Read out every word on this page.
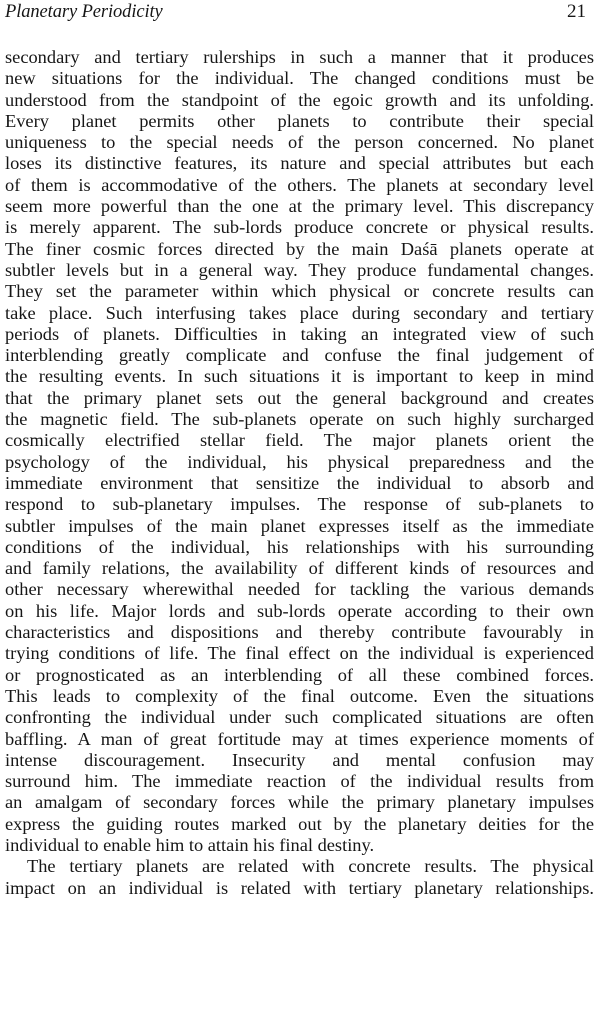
Planetary Periodicity	21
secondary and tertiary rulerships in such a manner that it produces
new situations for the individual. The changed conditions must be
understood from the standpoint of the egoic growth and its unfolding.
Every planet permits other planets to contribute their special
uniqueness to the special needs of the person concerned. No planet
loses its distinctive features, its nature and special attributes but each
of them is accommodative of the others. The planets at secondary level
seem more powerful than the one at the primary level. This discrepancy
is merely apparent. The sub-lords produce concrete or physical results.
The finer cosmic forces directed by the main Daśā planets operate at
subtler levels but in a general way. They produce fundamental changes.
They set the parameter within which physical or concrete results can
take place. Such interfusing takes place during secondary and tertiary
periods of planets. Difficulties in taking an integrated view of such
interblending greatly complicate and confuse the final judgement of
the resulting events. In such situations it is important to keep in mind
that the primary planet sets out the general background and creates
the magnetic field. The sub-planets operate on such highly surcharged
cosmically electrified stellar field. The major planets orient the
psychology of the individual, his physical preparedness and the
immediate environment that sensitize the individual to absorb and
respond to sub-planetary impulses. The response of sub-planets to
subtler impulses of the main planet expresses itself as the immediate
conditions of the individual, his relationships with his surrounding
and family relations, the availability of different kinds of resources and
other necessary wherewithal needed for tackling the various demands
on his life. Major lords and sub-lords operate according to their own
characteristics and dispositions and thereby contribute favourably in
trying conditions of life. The final effect on the individual is experienced
or prognosticated as an interblending of all these combined forces.
This leads to complexity of the final outcome. Even the situations
confronting the individual under such complicated situations are often
baffling. A man of great fortitude may at times experience moments of
intense discouragement. Insecurity and mental confusion may
surround him. The immediate reaction of the individual results from
an amalgam of secondary forces while the primary planetary impulses
express the guiding routes marked out by the planetary deities for the
individual to enable him to attain his final destiny.
The tertiary planets are related with concrete results. The physical
impact on an individual is related with tertiary planetary relationships.
